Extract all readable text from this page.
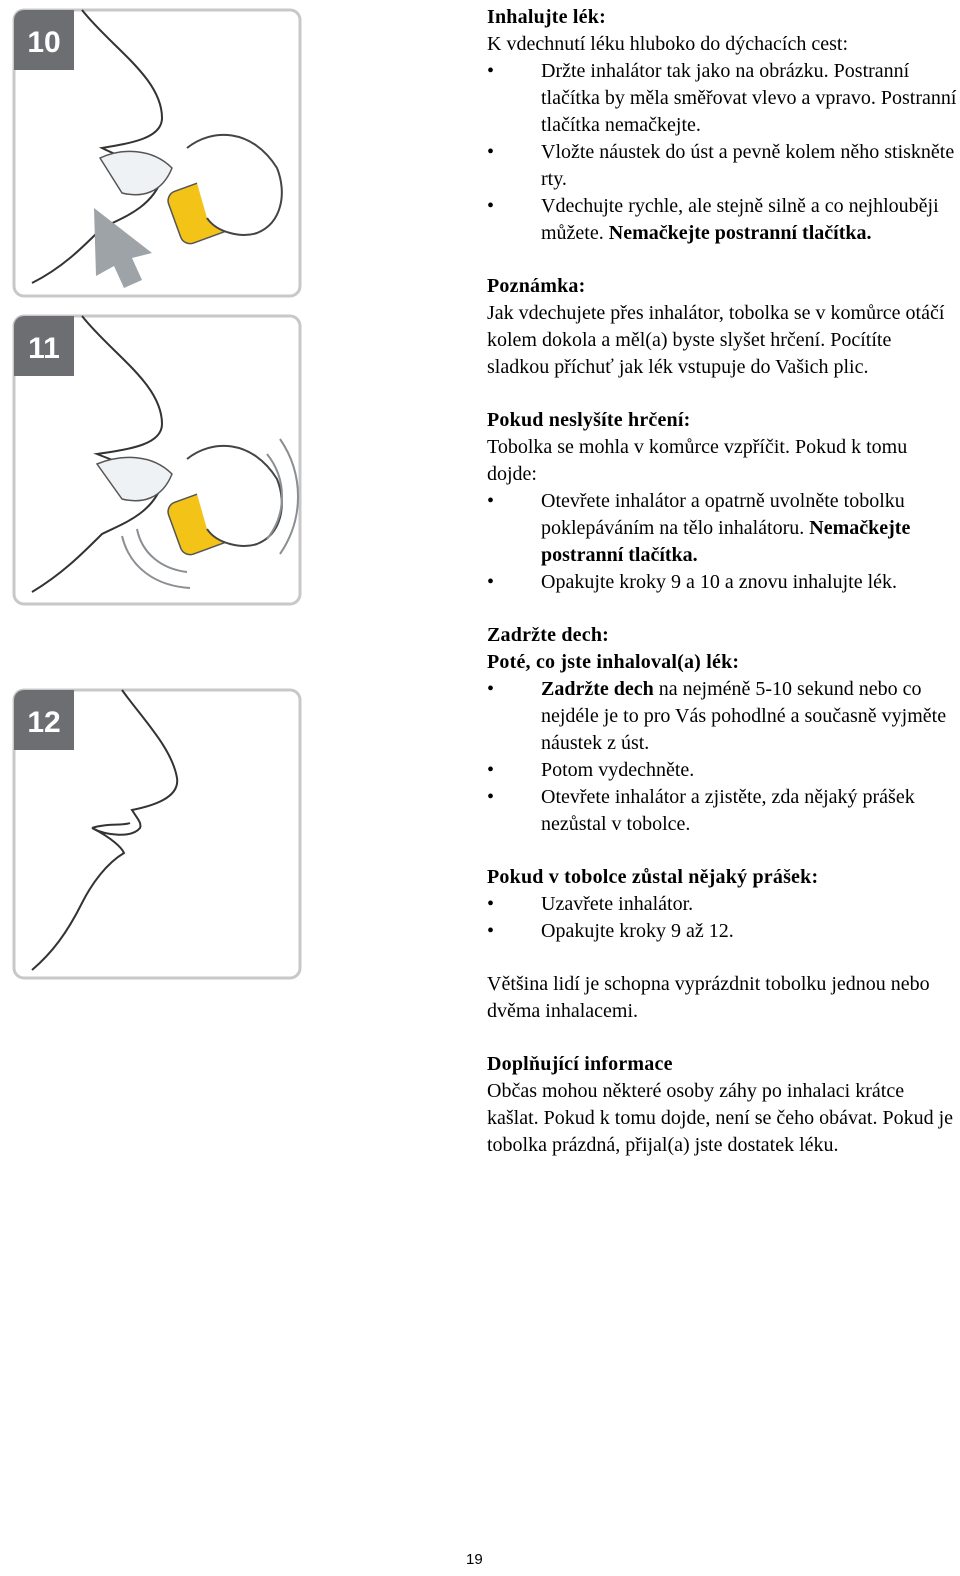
10
11
12

Inhalujte lék:

K vdechnutí léku hluboko do dýchacích cest:

• Držte inhalátor tak jako na obrázku. Postranní tlačítka by měla směřovat vlevo a vpravo. Postranní tlačítka nemačkejte.
• Vložte náustek do úst a pevně kolem něho stiskněte rty.
• Vdechujte rychle, ale stejně silně a co nejhlouběji můžete. Nemačkejte postranní tlačítka.

Poznámka:

Jak vdechujete přes inhalátor, tobolka se v komůrce otáčí kolem dokola a měl(a) byste slyšet hrčení. Pocítíte sladkou příchuť jak lék vstupuje do Vašich plic.

Pokud neslyšíte hrčení:

Tobolka se mohla v komůrce vzpříčit. Pokud k tomu dojde:

• Otevřete inhalátor a opatrně uvolněte tobolku poklepáváním na tělo inhalátoru. Nemačkejte postranní tlačítka.
• Opakujte kroky 9 a 10 a znovu inhalujte lék.

Zadržte dech:

Poté, co jste inhaloval(a) lék:

• Zadržte dech na nejméně 5-10 sekund nebo co nejdéle je to pro Vás pohodlné a současně vyjměte náustek z úst.
• Potom vydechněte.
• Otevřete inhalátor a zjistěte, zda nějaký prášek nezůstal v tobolce.

Pokud v tobolce zůstal nějaký prášek:

• Uzavřete inhalátor.
• Opakujte kroky 9 až 12.

Většina lidí je schopna vyprázdnit tobolku jednou nebo dvěma inhalacemi.

Doplňující informace

Občas mohou některé osoby záhy po inhalaci krátce kašlat. Pokud k tomu dojde, není se čeho obávat. Pokud je tobolka prázdná, přijal(a) jste dostatek léku.

19
